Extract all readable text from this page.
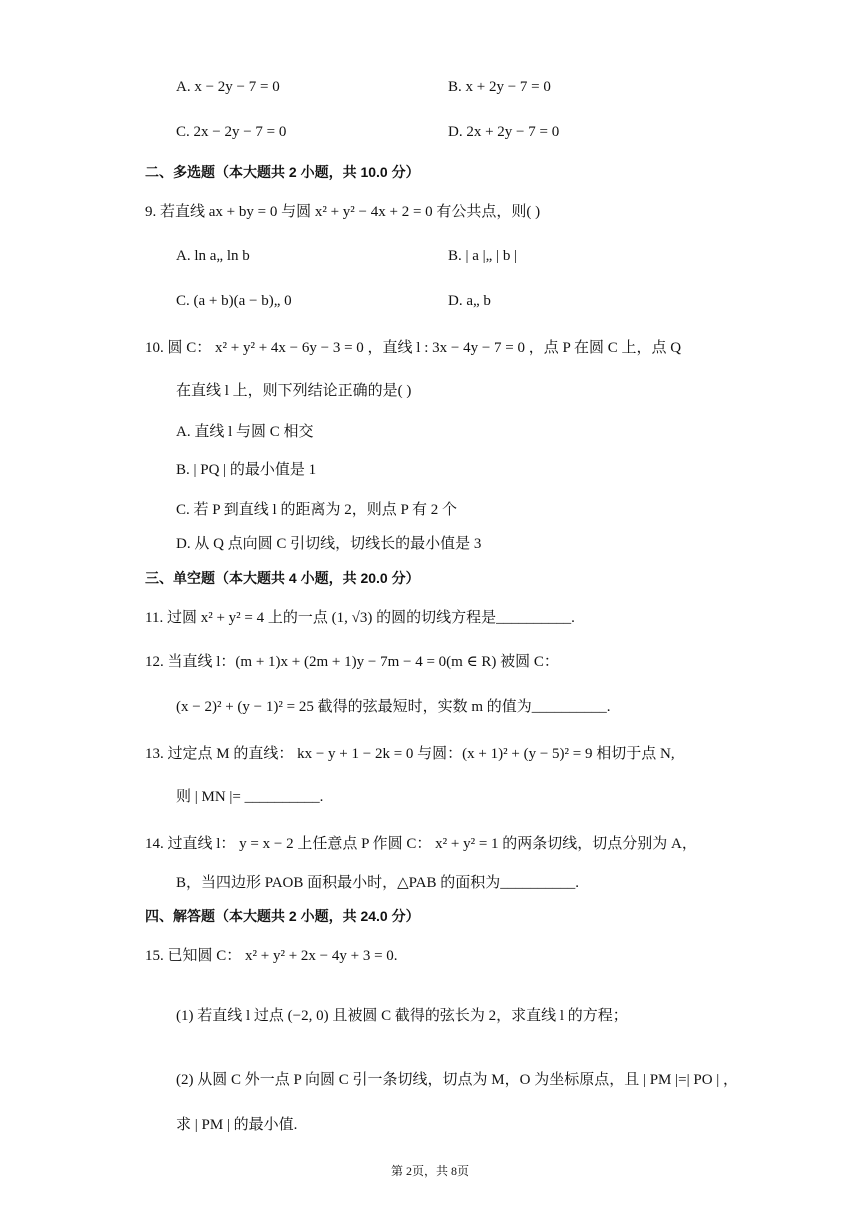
A. x − 2y − 7 = 0	B. x + 2y − 7 = 0
C. 2x − 2y − 7 = 0	D. 2x + 2y − 7 = 0
二、多选题（本大题共 2 小题，共 10.0 分）
9. 若直线 ax + by = 0 与圆 x² + y² − 4x + 2 = 0 有公共点，则( )
A. ln a„ ln b	B. | a |„ | b |
C. (a + b)(a − b)„ 0	D. a„ b
10. 圆 C： x² + y² + 4x − 6y − 3 = 0 ，直线 l : 3x − 4y − 7 = 0 ，点 P 在圆 C 上，点 Q
在直线 l 上，则下列结论正确的是( )
A. 直线 l 与圆 C 相交
B. | PQ | 的最小值是 1
C. 若 P 到直线 l 的距离为 2，则点 P 有 2 个
D. 从 Q 点向圆 C 引切线，切线长的最小值是 3
三、单空题（本大题共 4 小题，共 20.0 分）
11. 过圆 x² + y² = 4 上的一点 (1, √3) 的圆的切线方程是__________.
12. 当直线 l：(m + 1)x + (2m + 1)y − 7m − 4 = 0(m ∈ R) 被圆 C：
(x − 2)² + (y − 1)² = 25 截得的弦最短时，实数 m 的值为__________.
13. 过定点 M 的直线： kx − y + 1 − 2k = 0 与圆：(x + 1)² + (y − 5)² = 9 相切于点 N,
则 | MN |= __________.
14. 过直线 l： y = x − 2 上任意点 P 作圆 C： x² + y² = 1 的两条切线，切点分别为 A，
B，当四边形 PAOB 面积最小时，△PAB 的面积为__________.
四、解答题（本大题共 2 小题，共 24.0 分）
15. 已知圆 C： x² + y² + 2x − 4y + 3 = 0.
(1) 若直线 l 过点 (−2, 0) 且被圆 C 截得的弦长为 2，求直线 l 的方程；
(2) 从圆 C 外一点 P 向圆 C 引一条切线，切点为 M，O 为坐标原点，且 | PM |=| PO | ，
求 | PM | 的最小值.
第 2页，共 8页
